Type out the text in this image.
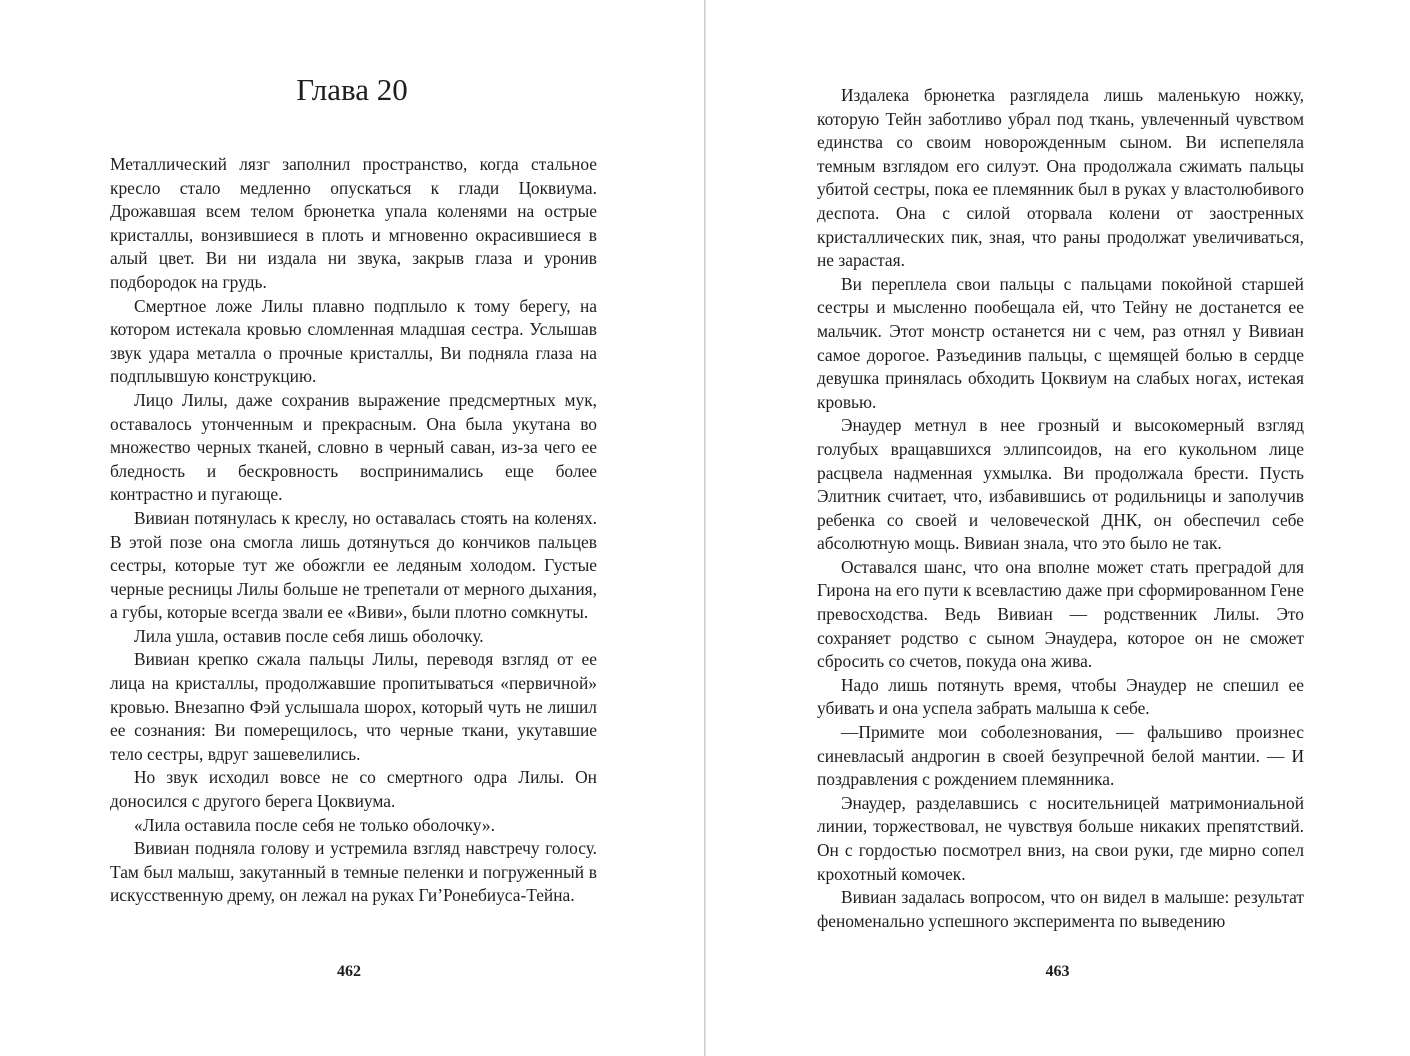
Глава 20

Металлический лязг заполнил пространство, когда стальное кресло стало медленно опускаться к глади Цоквиума. Дрожавшая всем телом брюнетка упала коленями на острые кристаллы, вонзившиеся в плоть и мгновенно окрасившиеся в алый цвет. Ви ни издала ни звука, закрыв глаза и уронив подбородок на грудь.

Смертное ложе Лилы плавно подплыло к тому берегу, на котором истекала кровью сломленная младшая сестра. Услышав звук удара металла о прочные кристаллы, Ви подняла глаза на подплывшую конструкцию.

Лицо Лилы, даже сохранив выражение предсмертных мук, оставалось утонченным и прекрасным. Она была укутана во множество черных тканей, словно в черный саван, из-за чего ее бледность и бескровность воспринимались еще более контрастно и пугающе.

Вивиан потянулась к креслу, но оставалась стоять на коленях. В этой позе она смогла лишь дотянуться до кончиков пальцев сестры, которые тут же обожгли ее ледяным холодом. Густые черные ресницы Лилы больше не трепетали от мерного дыхания, а губы, которые всегда звали ее «Виви», были плотно сомкнуты.

Лила ушла, оставив после себя лишь оболочку.

Вивиан крепко сжала пальцы Лилы, переводя взгляд от ее лица на кристаллы, продолжавшие пропитываться «первичной» кровью. Внезапно Фэй услышала шорох, который чуть не лишил ее сознания: Ви померещилось, что черные ткани, укутавшие тело сестры, вдруг зашевелились.

Но звук исходил вовсе не со смертного одра Лилы. Он доносился с другого берега Цоквиума.

«Лила оставила после себя не только оболочку».

Вивиан подняла голову и устремила взгляд навстречу голосу. Там был малыш, закутанный в темные пеленки и погруженный в искусственную дрему, он лежал на руках Ги’Ронебиуса-Тейна.

462

Издалека брюнетка разглядела лишь маленькую ножку, которую Тейн заботливо убрал под ткань, увлеченный чувством единства со своим новорожденным сыном. Ви испепеляла темным взглядом его силуэт. Она продолжала сжимать пальцы убитой сестры, пока ее племянник был в руках у властолюбивого деспота. Она с силой оторвала колени от заостренных кристаллических пик, зная, что раны продолжат увеличиваться, не зарастая.

Ви переплела свои пальцы с пальцами покойной старшей сестры и мысленно пообещала ей, что Тейну не достанется ее мальчик. Этот монстр останется ни с чем, раз отнял у Вивиан самое дорогое. Разъединив пальцы, с щемящей болью в сердце девушка принялась обходить Цоквиум на слабых ногах, истекая кровью.

Энаудер метнул в нее грозный и высокомерный взгляд голубых вращавшихся эллипсоидов, на его кукольном лице расцвела надменная ухмылка. Ви продолжала брести. Пусть Элитник считает, что, избавившись от родильницы и заполучив ребенка со своей и человеческой ДНК, он обеспечил себе абсолютную мощь. Вивиан знала, что это было не так.

Оставался шанс, что она вполне может стать преградой для Гирона на его пути к всевластию даже при сформированном Гене превосходства. Ведь Вивиан — родственник Лилы. Это сохраняет родство с сыном Энаудера, которое он не сможет сбросить со счетов, покуда она жива.

Надо лишь потянуть время, чтобы Энаудер не спешил ее убивать и она успела забрать малыша к себе.

—Примите мои соболезнования, — фальшиво произнес синевласый андрогин в своей безупречной белой мантии. — И поздравления с рождением племянника.

Энаудер, разделавшись с носительницей матримониальной линии, торжествовал, не чувствуя больше никаких препятствий. Он с гордостью посмотрел вниз, на свои руки, где мирно сопел крохотный комочек.

Вивиан задалась вопросом, что он видел в малыше: результат феноменально успешного эксперимента по выведению

463
